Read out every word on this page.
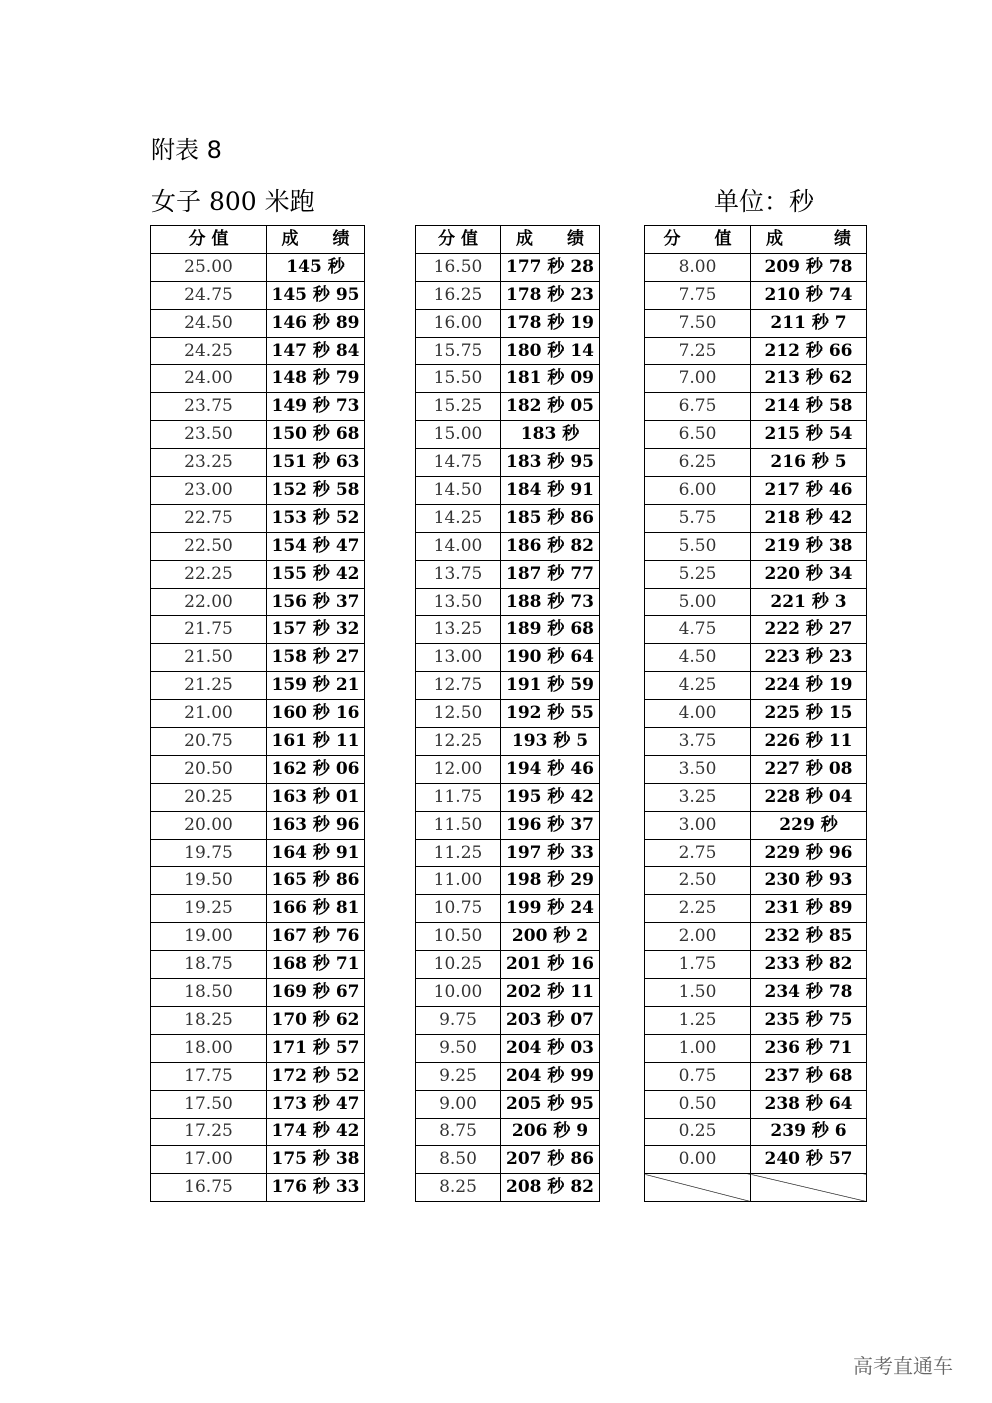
附表 8
女子 800 米跑	单位：秒
分 值	成　　绩		分 值	成　　绩		分　　值	成　　　绩
25.00	145 秒		16.50	177 秒 28		8.00	209 秒 78
24.75	145 秒 95		16.25	178 秒 23		7.75	210 秒 74
24.50	146 秒 89		16.00	178 秒 19		7.50	211 秒 7
24.25	147 秒 84		15.75	180 秒 14		7.25	212 秒 66
24.00	148 秒 79		15.50	181 秒 09		7.00	213 秒 62
23.75	149 秒 73		15.25	182 秒 05		6.75	214 秒 58
23.50	150 秒 68		15.00	183 秒		6.50	215 秒 54
23.25	151 秒 63		14.75	183 秒 95		6.25	216 秒 5
23.00	152 秒 58		14.50	184 秒 91		6.00	217 秒 46
22.75	153 秒 52		14.25	185 秒 86		5.75	218 秒 42
22.50	154 秒 47		14.00	186 秒 82		5.50	219 秒 38
22.25	155 秒 42		13.75	187 秒 77		5.25	220 秒 34
22.00	156 秒 37		13.50	188 秒 73		5.00	221 秒 3
21.75	157 秒 32		13.25	189 秒 68		4.75	222 秒 27
21.50	158 秒 27		13.00	190 秒 64		4.50	223 秒 23
21.25	159 秒 21		12.75	191 秒 59		4.25	224 秒 19
21.00	160 秒 16		12.50	192 秒 55		4.00	225 秒 15
20.75	161 秒 11		12.25	193 秒 5		3.75	226 秒 11
20.50	162 秒 06		12.00	194 秒 46		3.50	227 秒 08
20.25	163 秒 01		11.75	195 秒 42		3.25	228 秒 04
20.00	163 秒 96		11.50	196 秒 37		3.00	229 秒
19.75	164 秒 91		11.25	197 秒 33		2.75	229 秒 96
19.50	165 秒 86		11.00	198 秒 29		2.50	230 秒 93
19.25	166 秒 81		10.75	199 秒 24		2.25	231 秒 89
19.00	167 秒 76		10.50	200 秒 2		2.00	232 秒 85
18.75	168 秒 71		10.25	201 秒 16		1.75	233 秒 82
18.50	169 秒 67		10.00	202 秒 11		1.50	234 秒 78
18.25	170 秒 62		9.75	203 秒 07		1.25	235 秒 75
18.00	171 秒 57		9.50	204 秒 03		1.00	236 秒 71
17.75	172 秒 52		9.25	204 秒 99		0.75	237 秒 68
17.50	173 秒 47		9.00	205 秒 95		0.50	238 秒 64
17.25	174 秒 42		8.75	206 秒 9		0.25	239 秒 6
17.00	175 秒 38		8.50	207 秒 86		0.00	240 秒 57
16.75	176 秒 33		8.25	208 秒 82			
高考直通车
